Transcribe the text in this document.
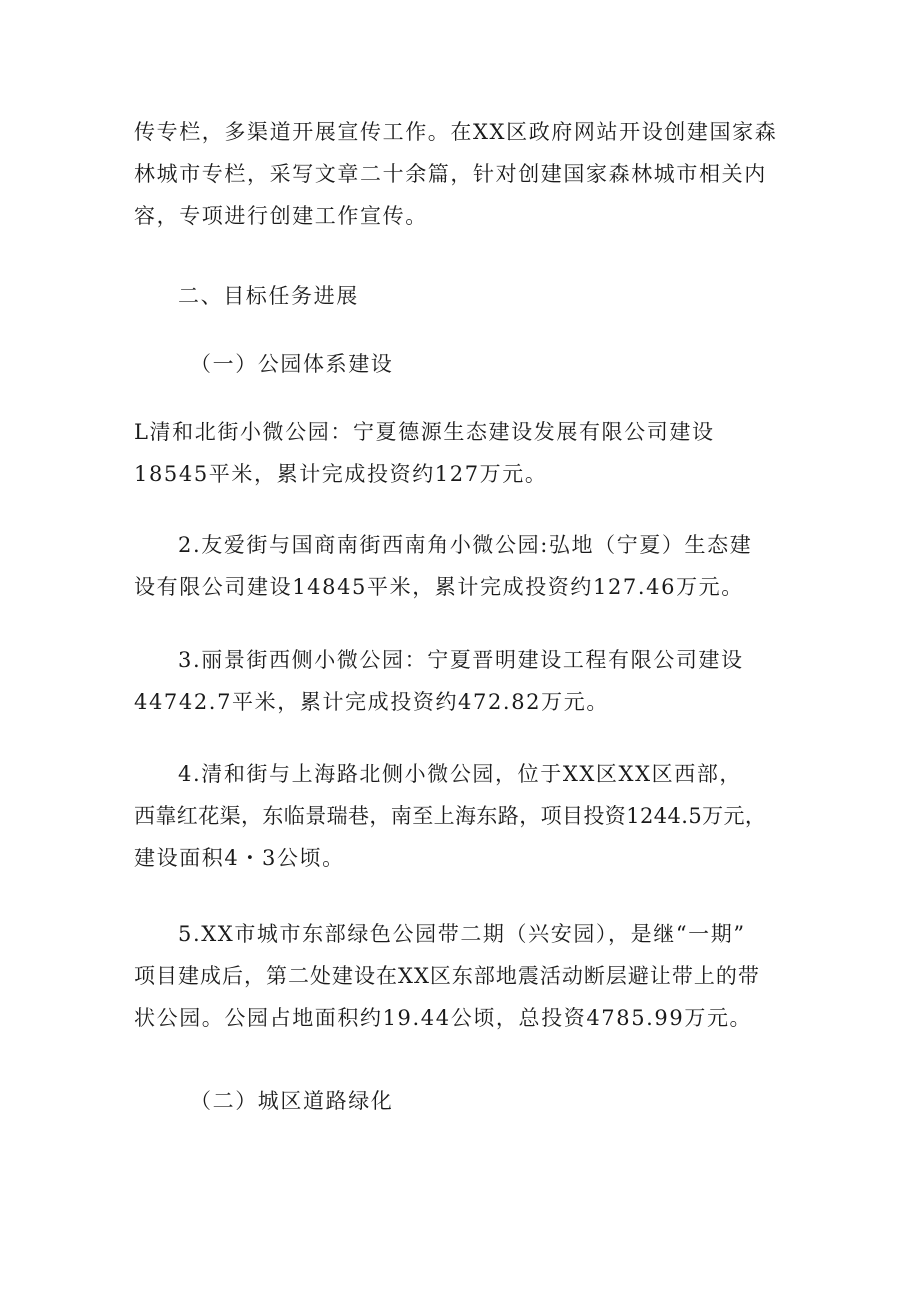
传专栏，多渠道开展宣传工作。在XX区政府网站开设创建国家森
林城市专栏，采写文章二十余篇，针对创建国家森林城市相关内
容，专项进行创建工作宣传。
二、目标任务进展
（一）公园体系建设
L清和北街小微公园：宁夏德源生态建设发展有限公司建设
18545平米，累计完成投资约127万元。
2.友爱街与国商南街西南角小微公园:弘地（宁夏）生态建
设有限公司建设14845平米，累计完成投资约127.46万元。
3.丽景街西侧小微公园：宁夏晋明建设工程有限公司建设
44742.7平米，累计完成投资约472.82万元。
4.清和街与上海路北侧小微公园，位于XX区XX区西部，
西靠红花渠，东临景瑞巷，南至上海东路，项目投资1244.5万元，
建设面积4・3公顷。
5.XX市城市东部绿色公园带二期（兴安园），是继“一期”
项目建成后，第二处建设在XX区东部地震活动断层避让带上的带
状公园。公园占地面积约19.44公顷，总投资4785.99万元。
（二）城区道路绿化
